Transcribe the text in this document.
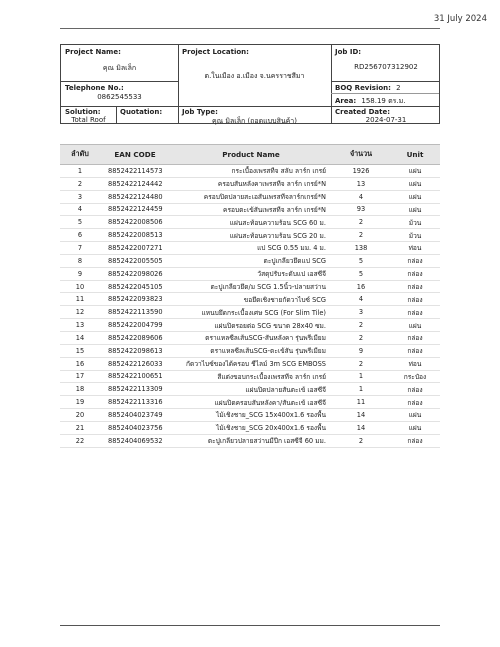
31 July 2024
Project Name:
คุณ มิลเล็ก
Project Location:
ต.ในเมือง อ.เมือง จ.นครราชสีมา
Job ID:
RD256707312902
Telephone No.:
0862545533
BOQ Revision: 2
Area: 158.19 ตร.ม.
Solution:
Total Roof
Quotation:	Job Type:
คุณ มิลเล็ก (ถอดแบบสินค้า)
Created Date:
2024-07-31
ลำดับ	EAN CODE	Product Name	จำนวน	Unit
1	8852422114573	กระเบื้องเพรสทีจ สลับ ลาร์ก เกรย์	1926	แผ่น
2	8852422124442	ครอบสันหลังคาเพรสทีจ ลาร์ก เกรย์*N	13	แผ่น
3	8852422124480	ครอบปิดปลายสะเอสันเพรสทีจลาร์กเกรย์*N	4	แผ่น
4	8852422124459	ครอบตะเข้สันเพรสทีจ ลาร์ก เกรย์*N	93	แผ่น
5	8852422008506	แผ่นสะท้อนความร้อน SCG 60 ม.	2	ม้วน
6	8852422008513	แผ่นสะท้อนความร้อน SCG 20 ม.	2	ม้วน
7	8852422007271	แป SCG 0.55 มม. 4 ม.	138	ท่อน
8	8852422005505	ตะปูเกลียวยึดแป SCG	5	กล่อง
9	8852422098026	วัสดุปรับระดับแป เอสซีจี	5	กล่อง
10	8852422045105	ตะปูเกลียวยึด/ม SCG 1.5นิ้ว-ปลายสว่าน	16	กล่อง
11	8852422093823	ขอยึดเชิงชายกัดวาไบซ์ SCG	4	กล่อง
12	8852422113590	แหนบยึดกระเบื้องเศษ SCG (For Slim Tile)	3	กล่อง
13	8852422004799	แผ่นปิดรอยต่อ SCG ขนาด 28x40 ซม.	2	แผ่น
14	8852422089606	ตราแหลซีลเส้นSCG-สันหลังคา รุ่นพรีเมียม	2	กล่อง
15	8852422098613	ตราแหลซีลเส้นSCG-ตะเข้สัน รุ่นพรีเมียม	9	กล่อง
16	8852422126033	กัดวาไบซ์ของได้ครอบ ชีไลม์ 3m SCG EMBOSS	2	ท่อน
17	8852422100651	สีแต่งขอบกระเบื้องเพรสทีจ ลาร์ก เกรย์	1	กระป๋อง
18	8852422113309	แผ่นปิดปลายสันตะเข้ เอสซีจี	1	กล่อง
19	8852422113316	แผ่นปิดครอบสันหลังคา/สันตะเข้ เอสซีจี	11	กล่อง
20	8852404023749	ไม้เชิงชาย_SCG 15x400x1.6 รองพื้น	14	แผ่น
21	8852404023756	ไม้เชิงชาย_SCG 20x400x1.6 รองพื้น	14	แผ่น
22	8852404069532	ตะปูเกลียวปลายสว่านมีปีก เอสซีจี 60 มม.	2	กล่อง
